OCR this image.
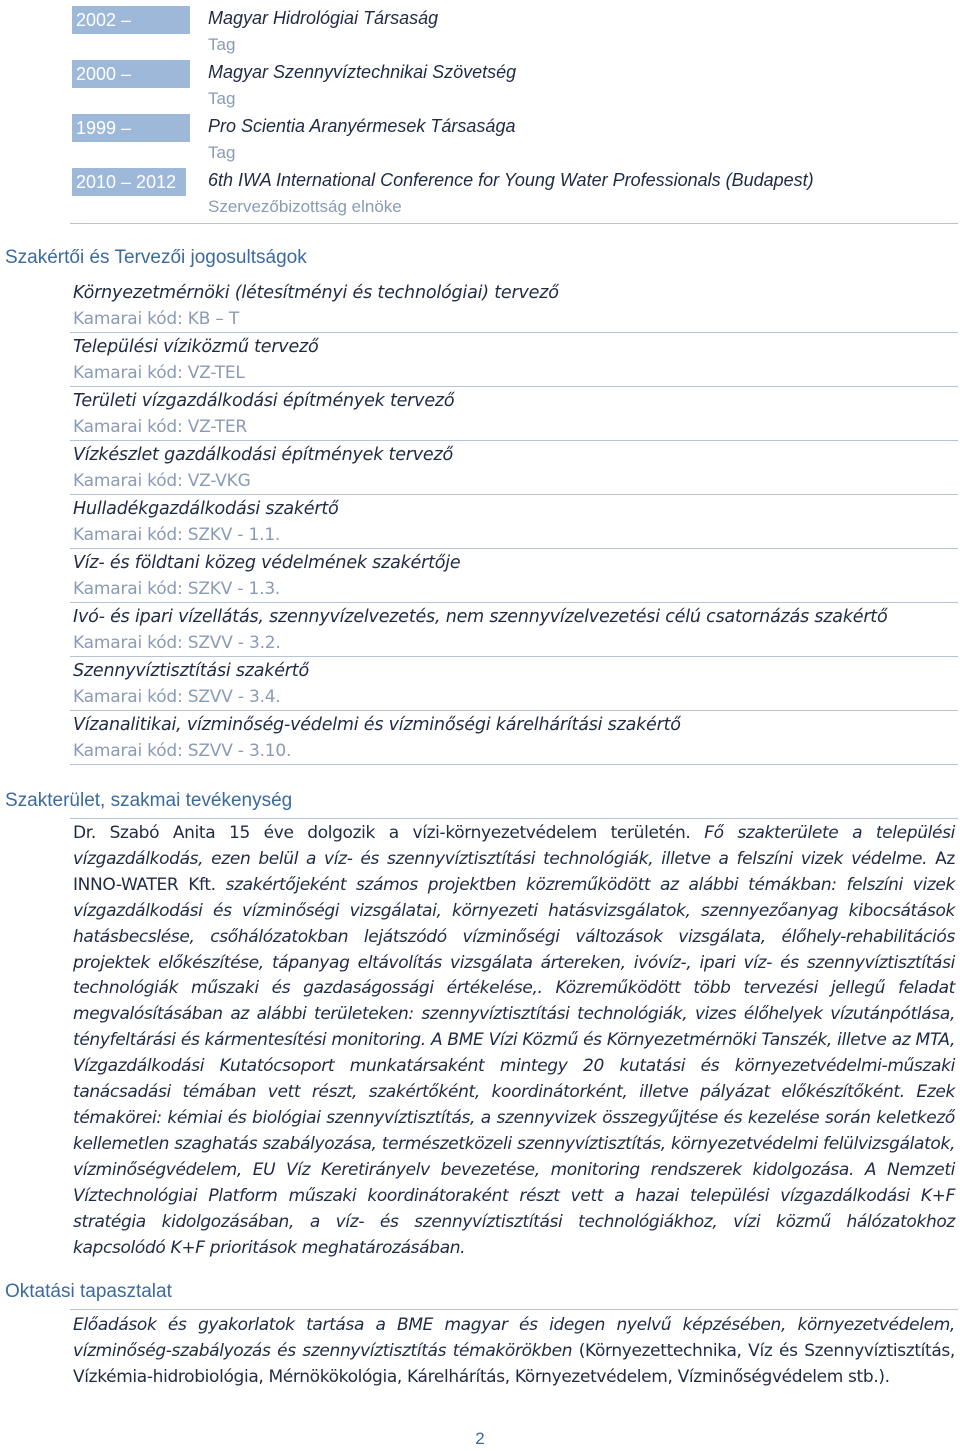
2002 –	Magyar Hidrológiai Társaság
Tag
2000 –	Magyar Szennyvíztechnikai Szövetség
Tag
1999 –	Pro Scientia Aranyérmesek Társasága
Tag
2010 – 2012	6th IWA International Conference for Young Water Professionals (Budapest)
Szervezőbizottság elnöke
Szakértői és Tervezői jogosultságok
Környezetmérnöki (létesítményi és technológiai) tervező
Kamarai kód: KB – T
Települési víziközmű tervező
Kamarai kód: VZ-TEL
Területi vízgazdálkodási építmények tervező
Kamarai kód: VZ-TER
Vízkészlet gazdálkodási építmények tervező
Kamarai kód: VZ-VKG
Hulladékgazdálkodási szakértő
Kamarai kód: SZKV - 1.1.
Víz- és földtani közeg védelmének szakértője
Kamarai kód: SZKV - 1.3.
Ivó- és ipari vízellátás, szennyvízelvezetés, nem szennyvízelvezetési célú csatornázás szakértő
Kamarai kód: SZVV - 3.2.
Szennyvíztisztítási szakértő
Kamarai kód: SZVV - 3.4.
Vízanalitikai, vízminőség-védelmi és vízminőségi kárelhárítási szakértő
Kamarai kód: SZVV - 3.10.
Szakterület, szakmai tevékenység
Dr. Szabó Anita 15 éve dolgozik a vízi-környezetvédelem területén. Fő szakterülete a települési vízgazdálkodás, ezen belül a víz- és szennyvíztisztítási technológiák, illetve a felszíni vizek védelme. Az INNO-WATER Kft. szakértőjeként számos projektben közreműködött az alábbi témákban: felszíni vizek vízgazdálkodási és vízminőségi vizsgálatai, környezeti hatásvizsgálatok, szennyezőanyag kibocsátások hatásbecslése, csőhálózatokban lejátszódó vízminőségi változások vizsgálata, élőhely-rehabilitációs projektek előkészítése, tápanyag eltávolítás vizsgálata ártereken, ivóvíz-, ipari víz- és szennyvíztisztítási technológiák műszaki és gazdaságossági értékelése,. Közreműködött több tervezési jellegű feladat megvalósításában az alábbi területeken: szennyvíztisztítási technológiák, vizes élőhelyek vízutánpótlása, tényfeltárási és kármentesítési monitoring. A BME Vízi Közmű és Környezetmérnöki Tanszék, illetve az MTA, Vízgazdálkodási Kutatócsoport munkatársaként mintegy 20 kutatási és környezetvédelmi-műszaki tanácsadási témában vett részt, szakértőként, koordinátorként, illetve pályázat előkészítőként. Ezek témakörei: kémiai és biológiai szennyvíztisztítás, a szennyvizek összegyűjtése és kezelése során keletkező kellemetlen szaghatás szabályozása, természetközeli szennyvíztisztítás, környezetvédelmi felülvizsgálatok, vízminőségvédelem, EU Víz Keretirányelv bevezetése, monitoring rendszerek kidolgozása. A Nemzeti Víztechnológiai Platform műszaki koordinátoraként részt vett a hazai települési vízgazdálkodási K+F stratégia kidolgozásában, a víz- és szennyvíztisztítási technológiákhoz, vízi közmű hálózatokhoz kapcsolódó K+F prioritások meghatározásában.
Oktatási tapasztalat
Előadások és gyakorlatok tartása a BME magyar és idegen nyelvű képzésében, környezetvédelem, vízminőség-szabályozás és szennyvíztisztítás témakörökben (Környezettechnika, Víz és Szennyvíztisztítás, Vízkémia-hidrobiológia, Mérnökökológia, Kárelhárítás, Környezetvédelem, Vízminőségvédelem stb.).
2
